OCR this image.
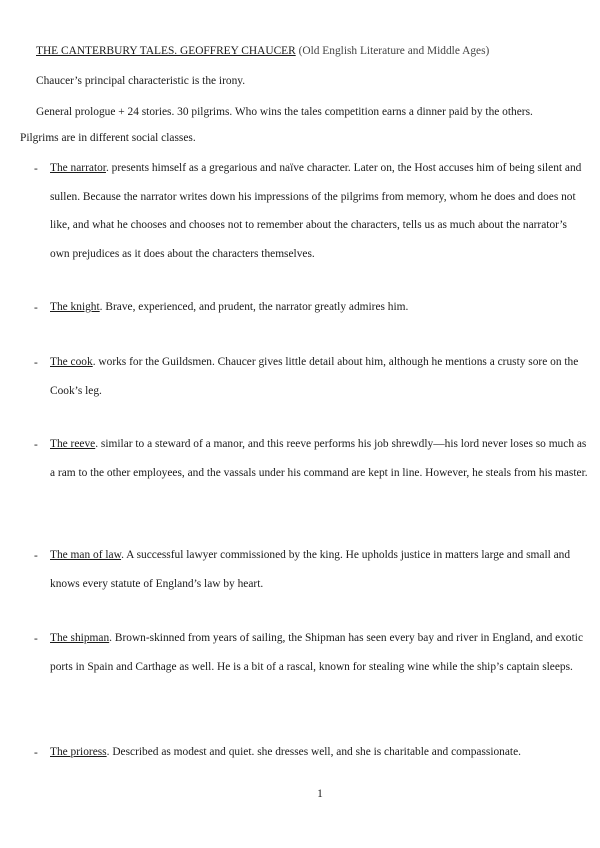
THE CANTERBURY TALES. GEOFFREY CHAUCER (Old English Literature and Middle Ages)
Chaucer’s principal characteristic is the irony.
General prologue + 24 stories. 30 pilgrims. Who wins the tales competition earns a dinner paid by the others.
Pilgrims are in different social classes.
- The narrator. presents himself as a gregarious and naïve character. Later on, the Host accuses him of being silent and sullen. Because the narrator writes down his impressions of the pilgrims from memory, whom he does and does not like, and what he chooses and chooses not to remember about the characters, tells us as much about the narrator’s own prejudices as it does about the characters themselves.
- The knight. Brave, experienced, and prudent, the narrator greatly admires him.
- The cook. works for the Guildsmen. Chaucer gives little detail about him, although he mentions a crusty sore on the Cook’s leg.
- The reeve. similar to a steward of a manor, and this reeve performs his job shrewdly—his lord never loses so much as a ram to the other employees, and the vassals under his command are kept in line. However, he steals from his master.
- The man of law. A successful lawyer commissioned by the king. He upholds justice in matters large and small and knows every statute of England’s law by heart.
- The shipman. Brown-skinned from years of sailing, the Shipman has seen every bay and river in England, and exotic ports in Spain and Carthage as well. He is a bit of a rascal, known for stealing wine while the ship’s captain sleeps.
- The prioress. Described as modest and quiet. she dresses well, and she is charitable and compassionate.
1
